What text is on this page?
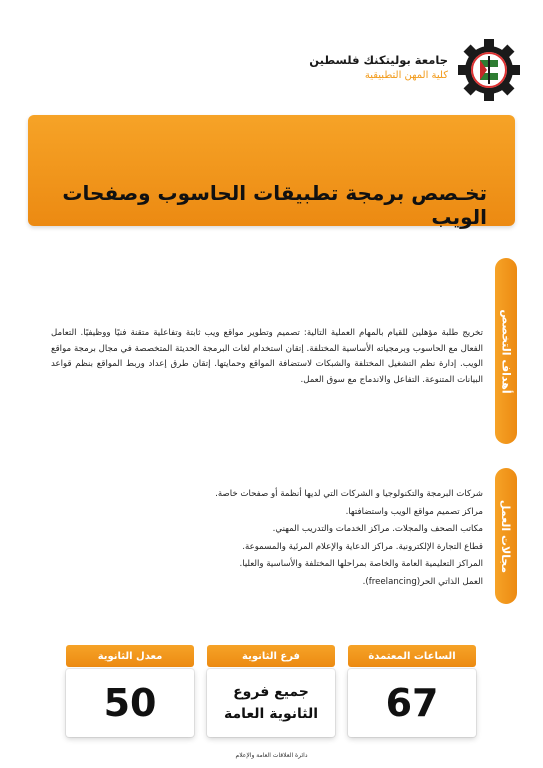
جامعة بوليتكنك فلسطين
كلية المهن التطبيقية
تخـصص برمجة تطبيقات الحاسوب وصفحات الويب
أهداف التخصص

تخريج طلبة مؤهلين للقيام بالمهام العملية التالية: تصميم وتطوير مواقع ويب ثابتة وتفاعلية متقنة فنيًا ووظيفيًا. التعامل الفعال مع الحاسوب وبرمجياته الأساسية المختلفة. إتقان استخدام لغات البرمجة الحديثة المتخصصة في مجال برمجة مواقع الويب. إدارة نظم التشغيل المختلفة والشبكات لاستضافة المواقع وحمايتها. إتقان طرق إعداد وربط المواقع بنظم قواعد البيانات المتنوعة. التفاعل والاندماج مع سوق العمل.

مجالات العمل
شركات البرمجة والتكنولوجيا و الشركات التي لديها أنظمة أو صفحات خاصة.
مراكز تصميم مواقع الويب واستضافتها.
مكاتب الصحف والمجلات. مراكز الخدمات والتدريب المهني.
قطاع التجارة الإلكترونية. مراكز الدعاية والإعلام المرئية والمسموعة.
المراكز التعليمية العامة والخاصة بمراحلها المختلفة والأساسية والعليا.
العمل الذاتي الحر(freelancing).
الساعات المعتمدة
67
فرع الثانوية
جميع فروع
الثانوية العامة
معدل الثانوية
50
دائرة العلاقات العامة والإعلام
